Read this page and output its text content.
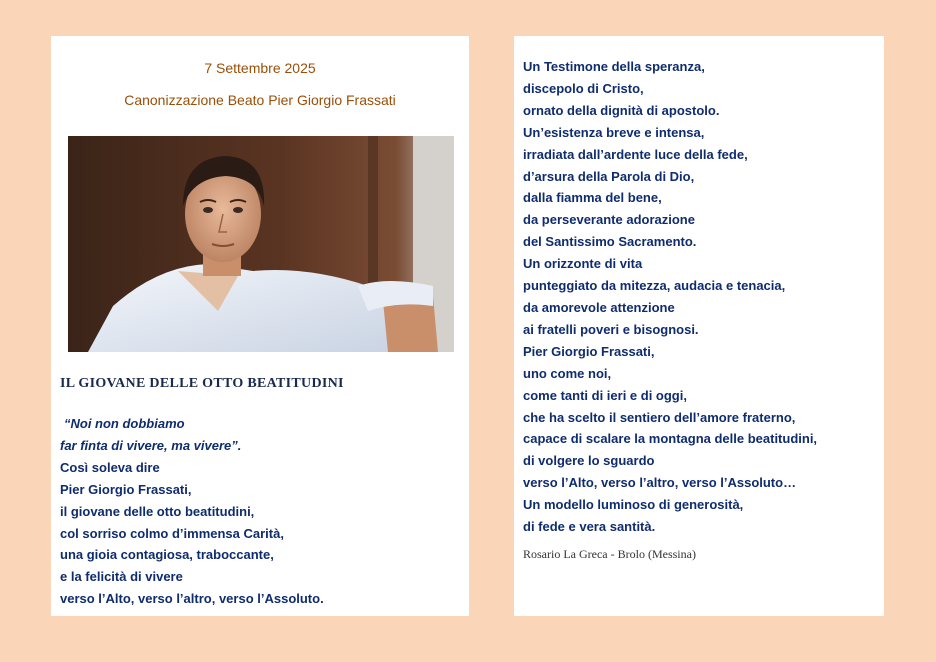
7 Settembre 2025
Canonizzazione Beato Pier Giorgio Frassati
IL GIOVANE DELLE OTTO BEATITUDINI
“Noi non dobbiamo
far finta di vivere, ma vivere”.
Così soleva dire
Pier Giorgio Frassati,
il giovane delle otto beatitudini,
col sorriso colmo d’immensa Carità,
una gioia contagiosa, traboccante,
e la felicità di vivere
verso l’Alto, verso l’altro, verso l’Assoluto.
Un Testimone della speranza,
discepolo di Cristo,
ornato della dignità di apostolo.
Un’esistenza breve e intensa,
irradiata dall’ardente luce della fede,
d’arsura della Parola di Dio,
dalla fiamma del bene,
da perseverante adorazione
del Santissimo Sacramento.
Un orizzonte di vita
punteggiato da mitezza, audacia e tenacia,
da amorevole attenzione
ai fratelli poveri e bisognosi.
Pier Giorgio Frassati,
uno come noi,
come tanti di ieri e di oggi,
che ha scelto il sentiero dell’amore fraterno,
capace di scalare la montagna delle beatitudini,
di volgere lo sguardo
verso l’Alto, verso l’altro, verso l’Assoluto…
Un modello luminoso di generosità,
di fede e vera santità.
Rosario La Greca - Brolo (Messina)
